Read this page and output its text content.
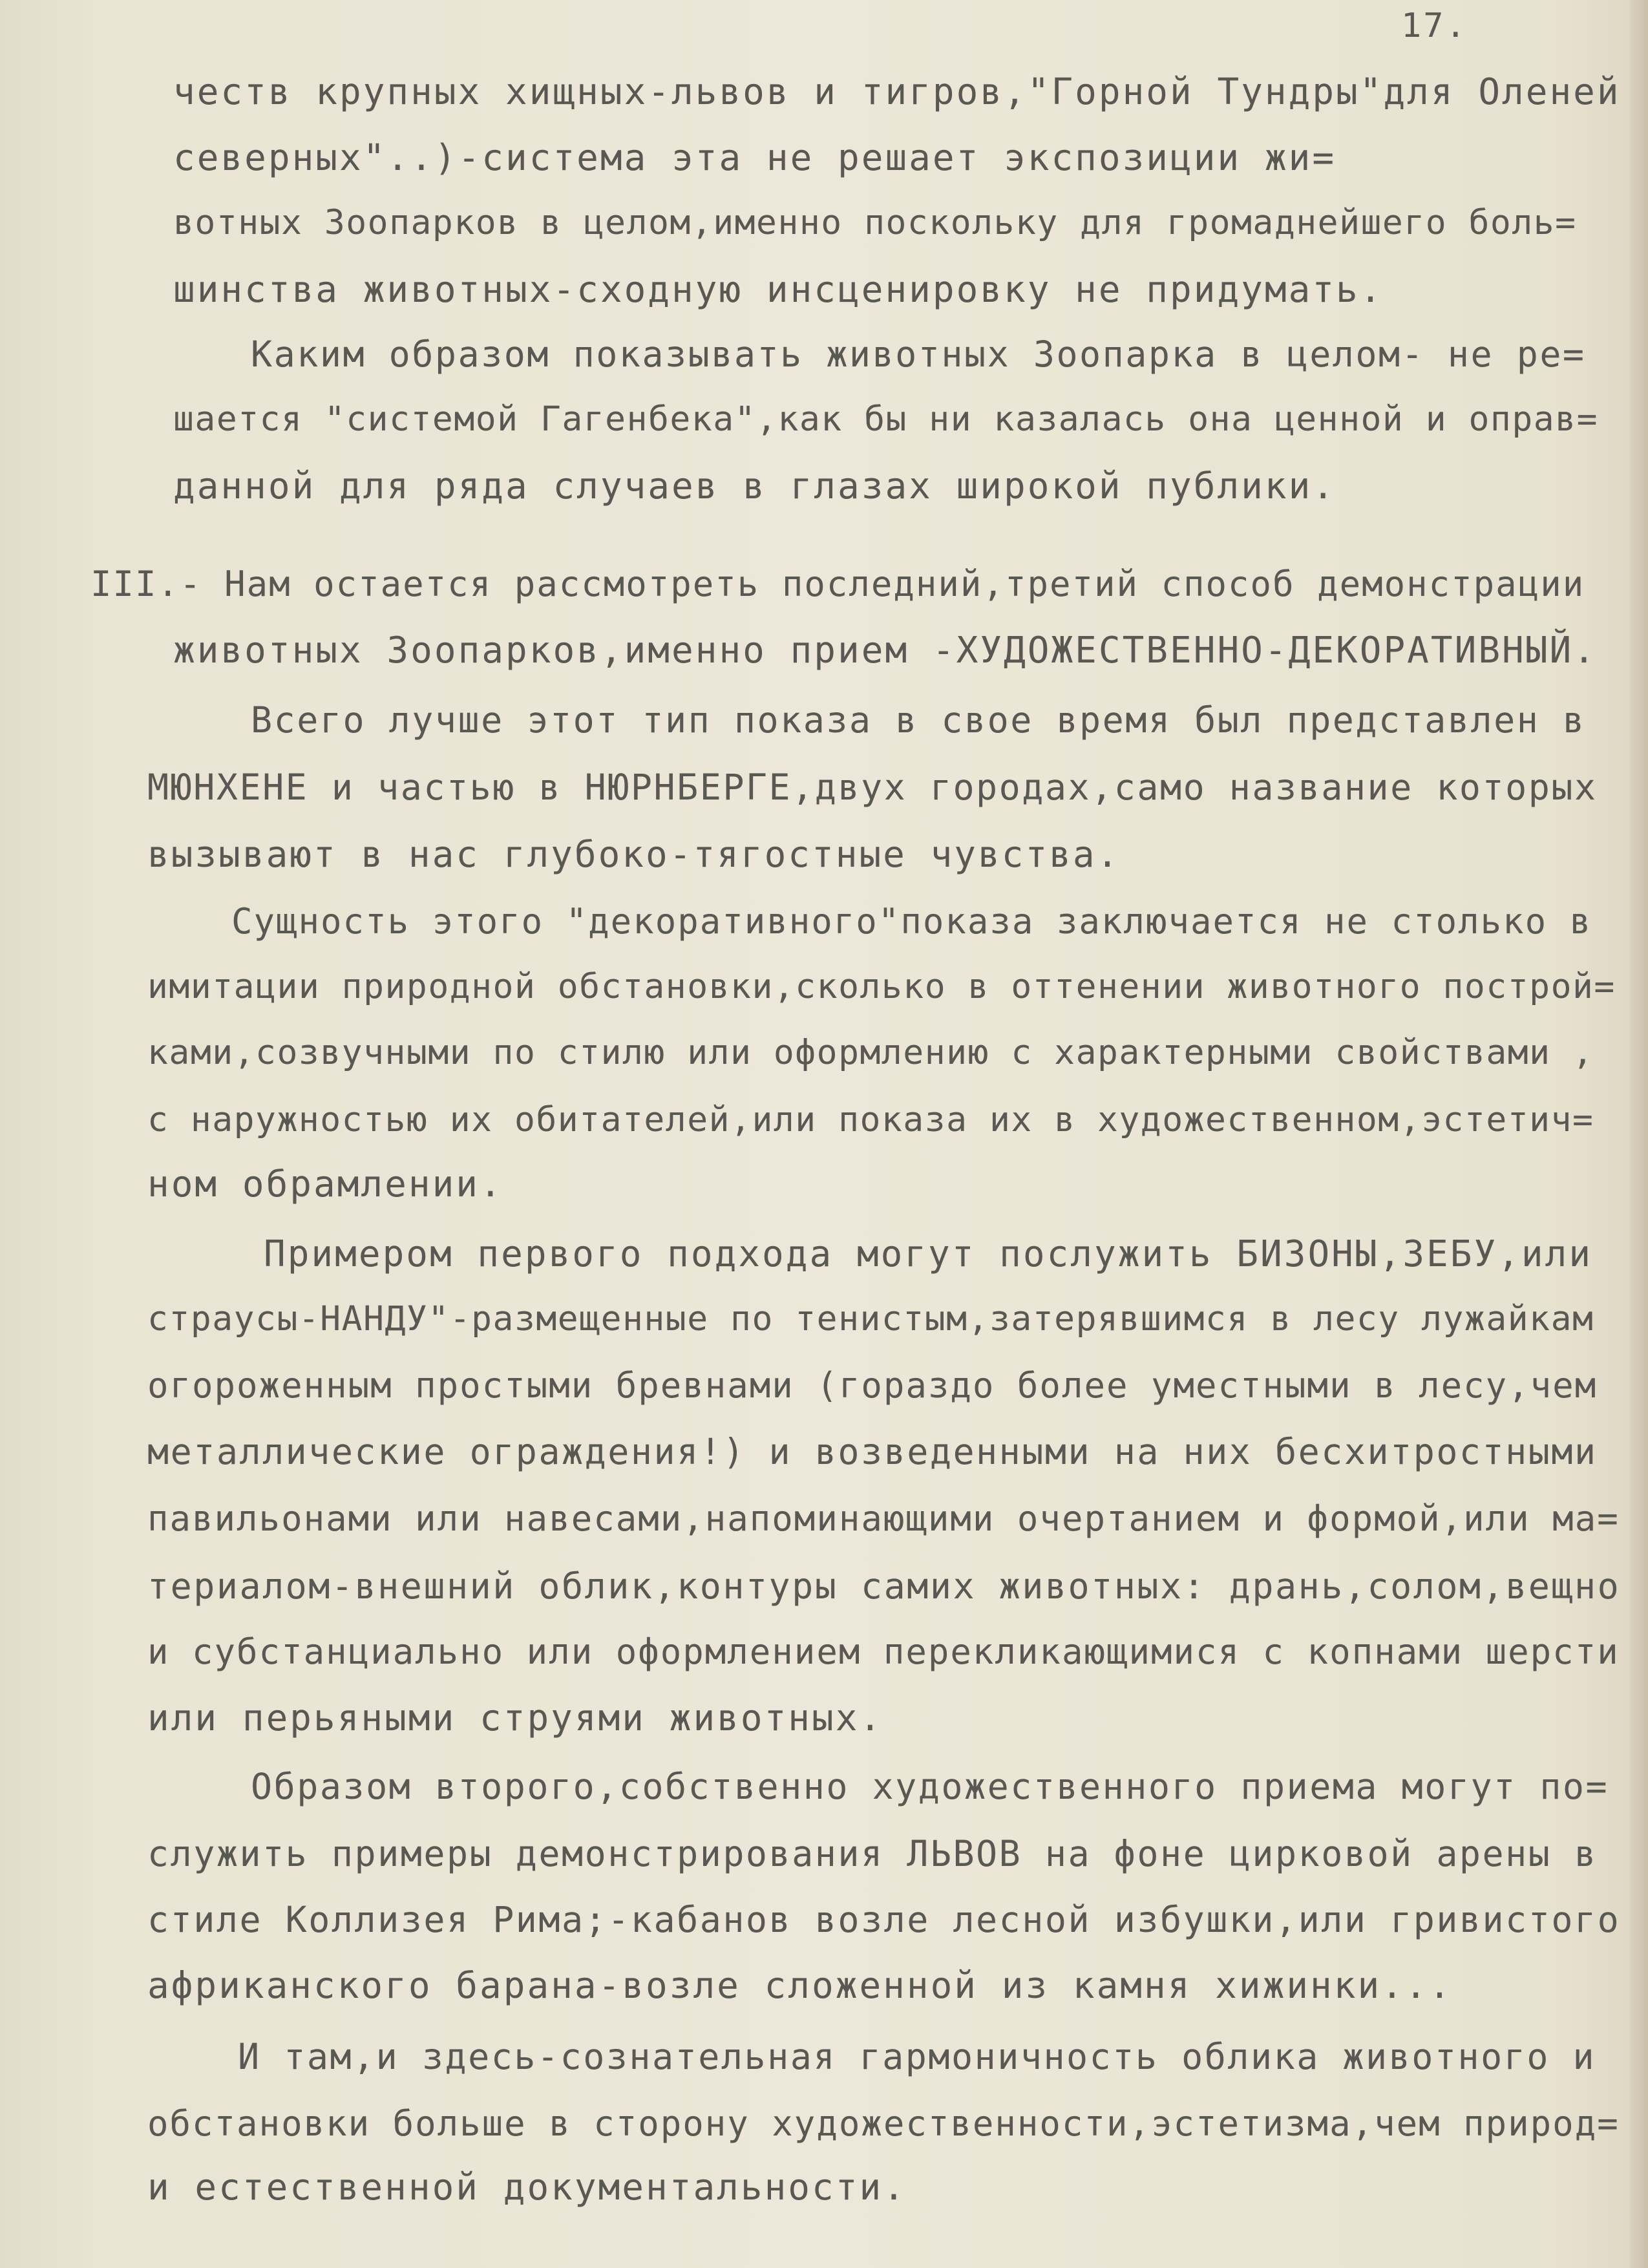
17.
честв крупных хищных-львов и тигров,"Горной Тундры"для Оленей
северных"..)-система эта не решает экспозиции жи=
вотных Зоопарков в целом,именно поскольку для громаднейшего боль=
шинства животных-сходную инсценировку не придумать.
Каким образом показывать животных Зоопарка в целом- не ре=
шается "системой Гагенбека",как бы ни казалась она ценной и оправ=
данной для ряда случаев в глазах широкой публики.
III.- Нам остается рассмотреть последний,третий способ демонстрации
животных Зоопарков,именно прием -ХУДОЖЕСТВЕННО-ДЕКОРАТИВНЫЙ.
Всего лучше этот тип показа в свое время был представлен в
МЮНХЕНЕ и частью в НЮРНБЕРГЕ,двух городах,само название которых
вызывают в нас глубоко-тягостные чувства.
Сущность этого "декоративного"показа заключается не столько в
имитации природной обстановки,сколько в оттенении животного построй=
ками,созвучными по стилю или оформлению с характерными свойствами ,
с наружностью их обитателей,или показа их в художественном,эстетич=
ном обрамлении.
Примером первого подхода могут послужить БИЗОНЫ,ЗЕБУ,или
страусы-НАНДУ"-размещенные по тенистым,затерявшимся в лесу лужайкам
огороженным простыми бревнами (гораздо более уместными в лесу,чем
металлические ограждения!) и возведенными на них бесхитростными
павильонами или навесами,напоминающими очертанием и формой,или ма=
териалом-внешний облик,контуры самих животных: дрань,солом,вещно
и субстанциально или оформлением перекликающимися с копнами шерсти
или перьяными струями животных.
Образом второго,собственно художественного приема могут по=
служить примеры демонстрирования ЛЬВОВ на фоне цирковой арены в
стиле Коллизея Рима;-кабанов возле лесной избушки,или гривистого
африканского барана-возле сложенной из камня хижинки...
И там,и здесь-сознательная гармоничность облика животного и
обстановки больше в сторону художественности,эстетизма,чем природ=
и естественной документальности.
